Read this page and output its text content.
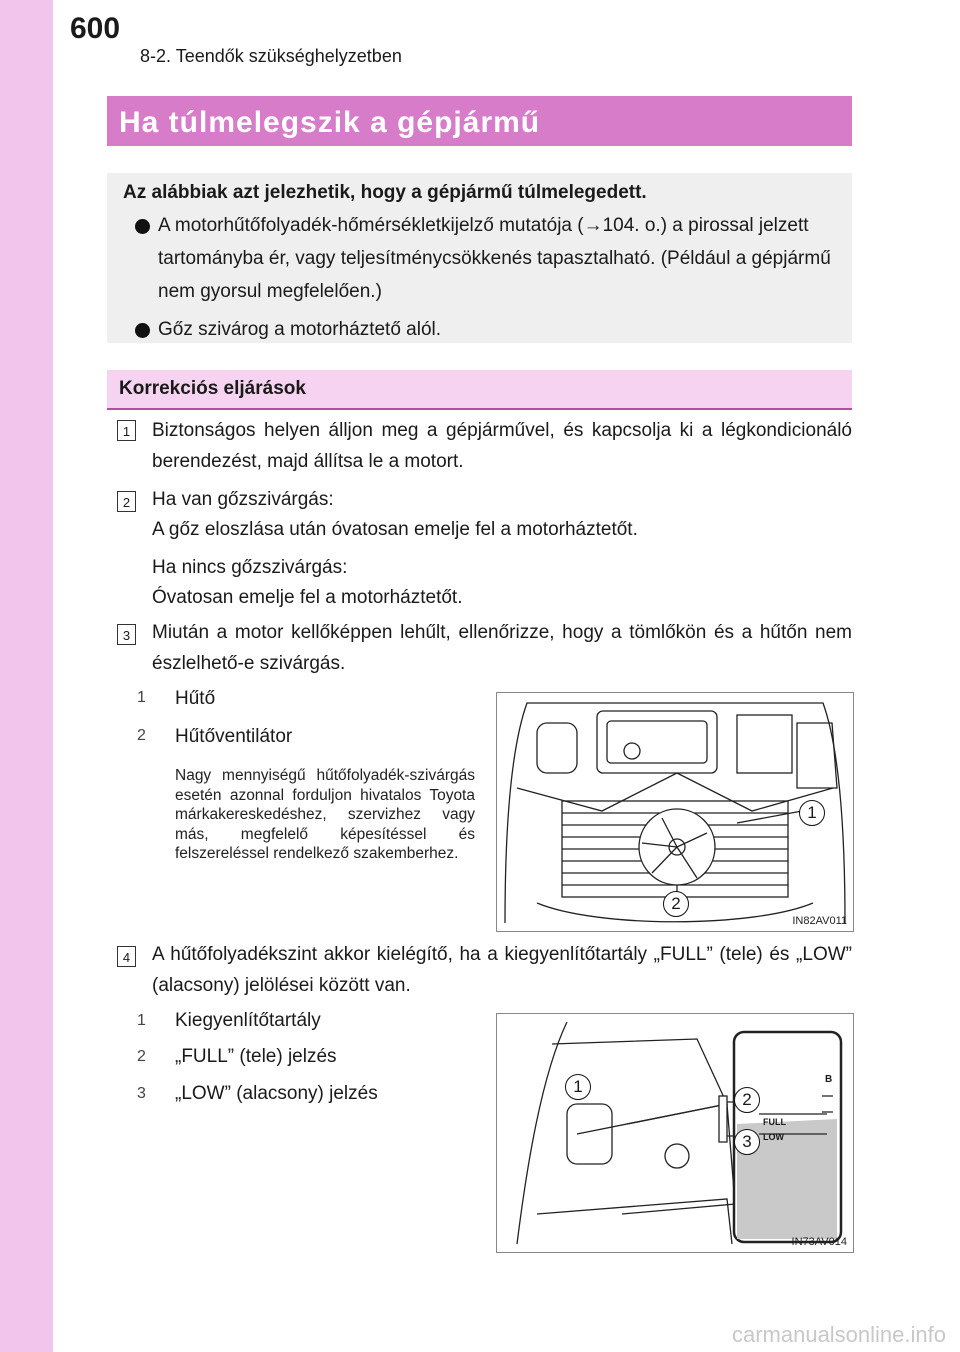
600
8-2. Teendők szükséghelyzetben
Ha túlmelegszik a gépjármű
Az alábbiak azt jelezhetik, hogy a gépjármű túlmelegedett.
A motorhűtőfolyadék-hőmérsékletkijelző mutatója (→104. o.) a pirossal jelzett tartományba ér, vagy teljesítménycsökkenés tapasztalható. (Például a gépjármű nem gyorsul megfelelően.)
Gőz szivárog a motorháztető alól.
Korrekciós eljárások
1	Biztonságos helyen álljon meg a gépjárművel, és kapcsolja ki a légkondicionáló berendezést, majd állítsa le a motort.
2	Ha van gőzszivárgás:
A gőz eloszlása után óvatosan emelje fel a motorháztetőt.
Ha nincs gőzszivárgás:
Óvatosan emelje fel a motorháztetőt.
3	Miután a motor kellőképpen lehűlt, ellenőrizze, hogy a tömlőkön és a hűtőn nem észlelhető-e szivárgás.
1 Hűtő
2 Hűtőventilátor
Nagy mennyiségű hűtőfolyadék-szivárgás esetén azonnal forduljon hivatalos Toyota márkakereskedéshez, szervizhez vagy más, megfelelő képesítéssel és felszereléssel rendelkező szakemberhez.
1
2
IN82AV011
4	A hűtőfolyadékszint akkor kielégítő, ha a kiegyenlítőtartály „FULL” (tele) és „LOW” (alacsony) jelölései között van.
1 Kiegyenlítőtartály
2 „FULL” (tele) jelzés
3 „LOW” (alacsony) jelzés	1
2
3
B
FULL
LOW
IN73AV014
carmanualsonline.info
